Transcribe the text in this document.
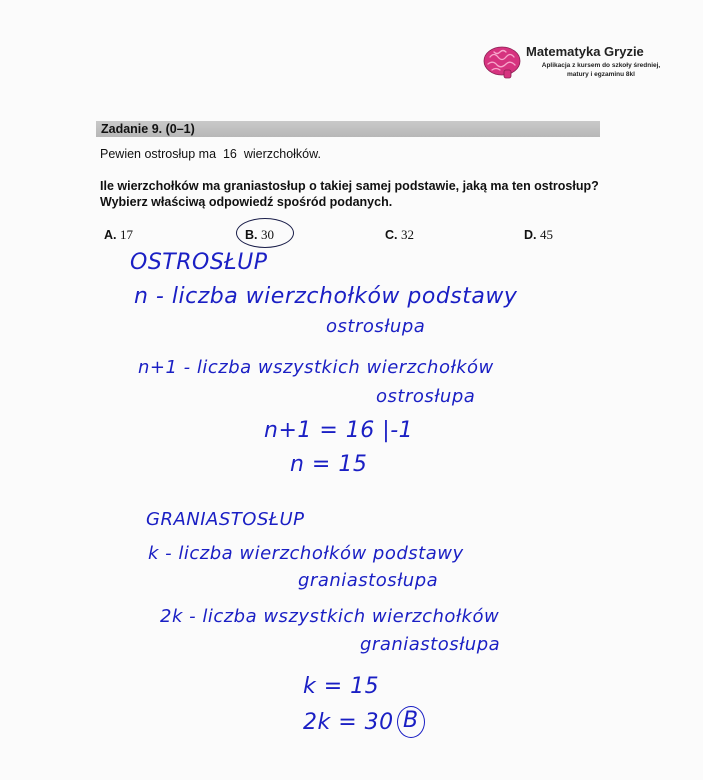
Matematyka Gryzie
Aplikacja z kursem do szkoły średniej,
matury i egzaminu 8kl
Zadanie 9. (0–1)
Pewien ostrosłup ma  16  wierzchołków.
Ile wierzchołków ma graniastosłup o takiej samej podstawie, jaką ma ten ostrosłup?
Wybierz właściwą odpowiedź spośród podanych.
A. 17	B. 30	C. 32	D. 45
OSTROSŁUP
n - liczba wierzchołków podstawy
ostrosłupa
n+1 - liczba wszystkich wierzchołków
ostrosłupa
n+1 = 16 |-1
n = 15
GRANIASTOSŁUP
k - liczba wierzchołków podstawy
graniastosłupa
2k - liczba wszystkich wierzchołków
graniastosłupa
k = 15
2k = 30 B
